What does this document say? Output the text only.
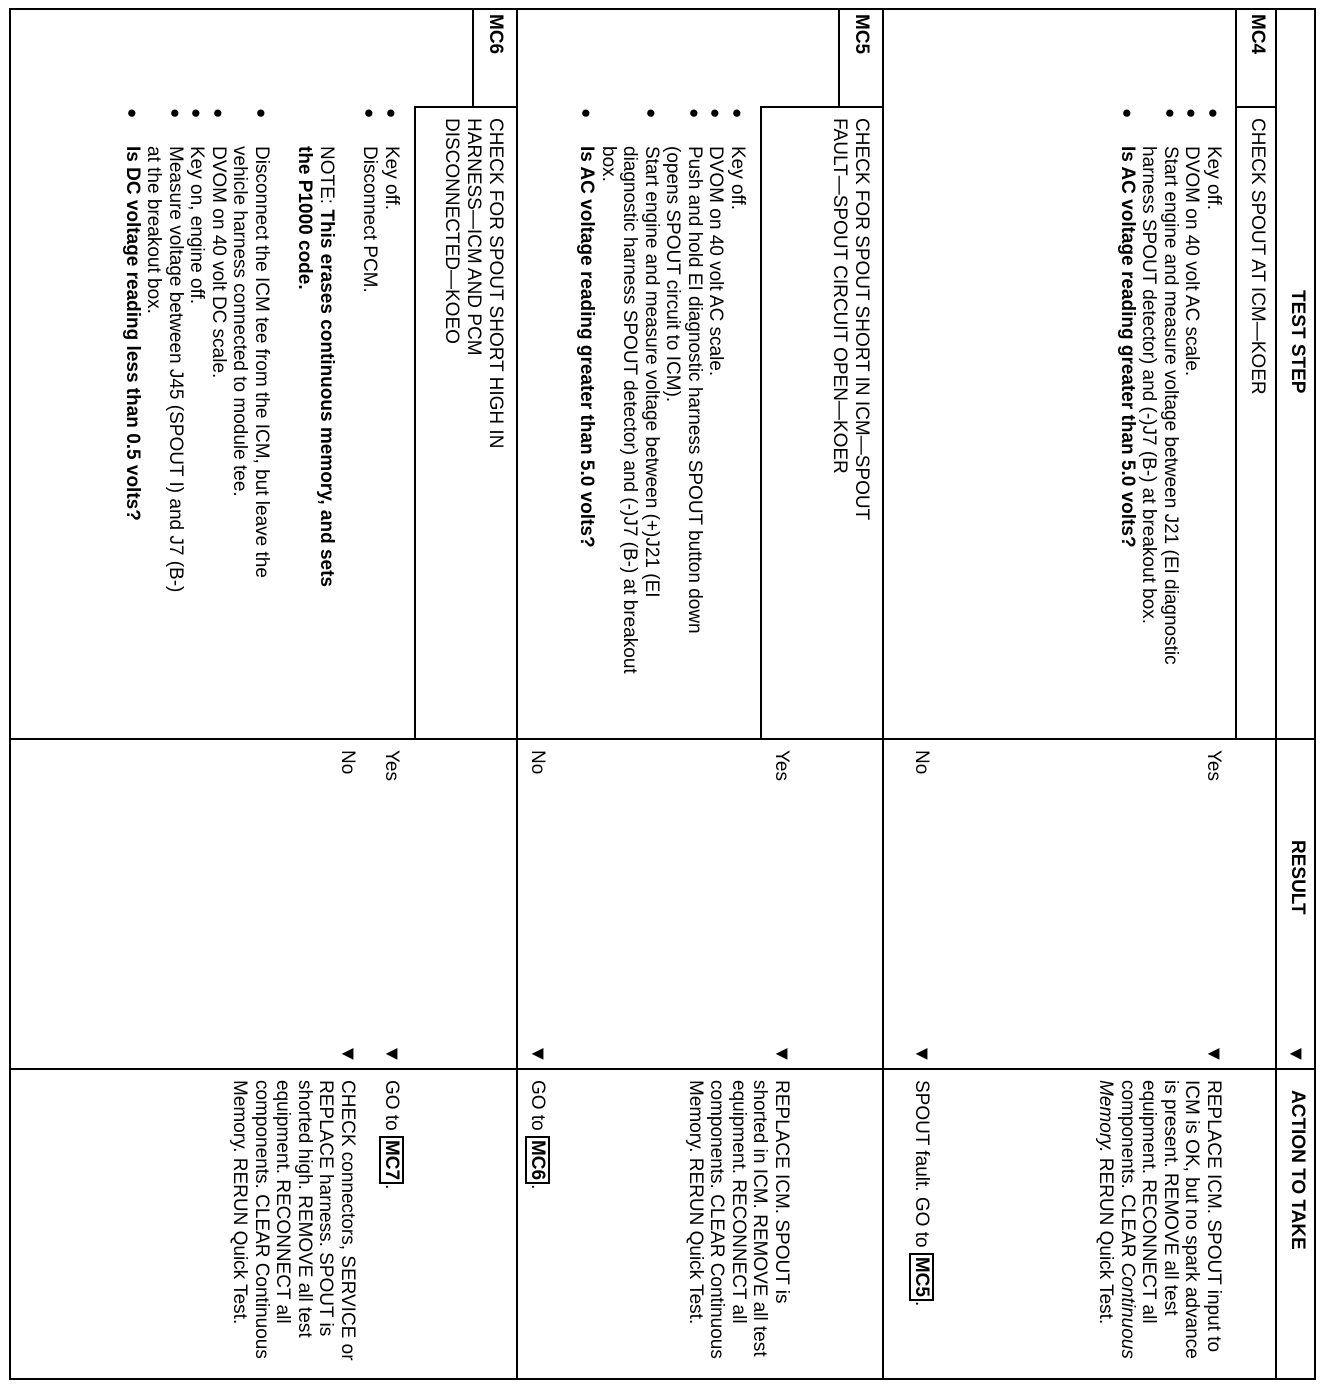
TEST STEP
RESULT
▼
ACTION TO TAKE
MC4
CHECK SPOUT AT ICM—KOER
●
Key off.
●
DVOM on 40 volt AC scale.
●
Start engine and measure voltage between J21 (EI diagnostic harness SPOUT detector) and (-)J7 (B-) at breakout box.
●
Is AC voltage reading greater than 5.0 volts?
Yes
▼
REPLACE ICM. SPOUT input to ICM is OK, but no spark advance is present. REMOVE all test equipment. RECONNECT all components. CLEAR Continuous Memory. RERUN Quick Test.
No
▼
SPOUT fault. GO to MC5.
MC5
CHECK FOR SPOUT SHORT IN ICM—SPOUT
FAULT—SPOUT CIRCUIT OPEN—KOER
●
Key off.
●
DVOM on 40 volt AC scale.
●
Push and hold EI diagnostic harness SPOUT button down (opens SPOUT circuit to ICM).
●
Start engine and measure voltage between (+)J21 (EI diagnostic harness SPOUT detector) and (-)J7 (B-) at breakout box.
●
Is AC voltage reading greater than 5.0 volts?
Yes
▼
REPLACE ICM. SPOUT is shorted in ICM. REMOVE all test equipment. RECONNECT all components. CLEAR Continuous Memory. RERUN Quick Test.
No
▼
GO to MC6.
MC6
CHECK FOR SPOUT SHORT HIGH IN
HARNESS—ICM AND PCM
DISCONNECTED—KOEO
●
Key off.
●
Disconnect PCM.
NOTE: This erases continuous memory, and sets the P1000 code.
●
Disconnect the ICM tee from the ICM, but leave the vehicle harness connected to module tee.
●
DVOM on 40 volt DC scale.
●
Key on, engine off.
●
Measure voltage between J45 (SPOUT I) and J7 (B-) at the breakout box.
●
Is DC voltage reading less than 0.5 volts?
Yes
▼
GO to MC7.
No
▼
CHECK connectors, SERVICE or REPLACE harness. SPOUT is shorted high. REMOVE all test equipment. RECONNECT all components. CLEAR Continuous Memory. RERUN Quick Test.
